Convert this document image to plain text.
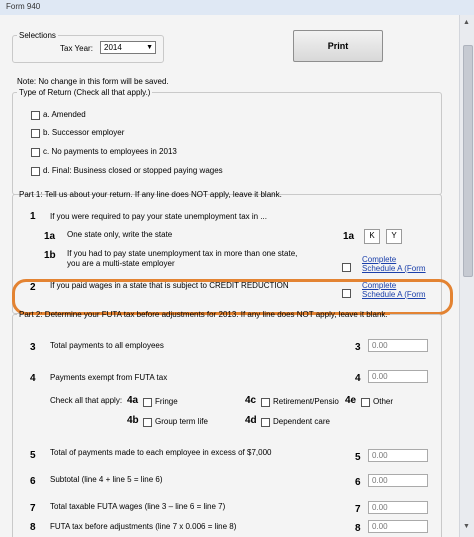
Form 940
Selections
Tax Year:	2014	▼	Print
Note: No change in this form will be saved.
Type of Return (Check all that apply.)
a. Amended
b. Successor employer
c. No payments to employees in 2013
d. Final: Business closed or stopped paying wages
Part 1: Tell us about your return. If any line does NOT apply, leave it blank.
1 If you were required to pay your state unemployment tax in ...
1a One state only, write the state	1a	K	Y
1b If you had to pay state unemployment tax in more than one state,
you are a multi-state employer	Complete
Schedule A (Form
2 If you paid wages in a state that is subject to CREDIT REDUCTION	Complete
Schedule A (Form
Part 2: Determine your FUTA tax before adjustments for 2013. If any line does NOT apply, leave it blank.
3 Total payments to all employees	3	0.00
4 Payments exempt from FUTA tax	4	0.00
Check all that apply: 4a Fringe	4c Retirement/Pensio 4e Other
4b Group term life	4d Dependent care
5 Total of payments made to each employee in excess of $7,000	5	0.00
6 Subtotal (line 4 + line 5 = line 6)	6	0.00
7 Total taxable FUTA wages (line 3 – line 6 = line 7)	7	0.00
8 FUTA tax before adjustments (line 7 x 0.006 = line 8)	8	0.00
▲
▼
